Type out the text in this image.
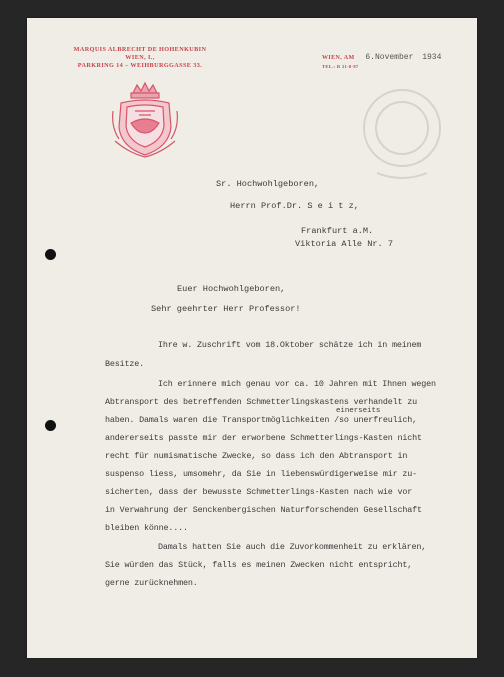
MARQUIS ALBRECHT DE HOHENKUBIN
WIEN, I.,
PARKRING 14 – WEIHBURGGASSE 33.
WIEN, AM 6.November 1934
TEL.: R 21-0-97
Sr. Hochwohlgeboren,
Herrn Prof.Dr. S e i t z,
Frankfurt a.M.
Viktoria Alle Nr. 7
Euer Hochwohlgeboren,
Sehr geehrter Herr Professor!
Ihre w. Zuschrift vom 18.Oktober schätze ich in meinem
Besitze.
Ich erinnere mich genau vor ca. 10 Jahren mit Ihnen wegen
Abtransport des betreffenden Schmetterlingskastens verhandelt zu
einerseits
haben. Damals waren die Transportmöglichkeiten /so unerfreulich,
andererseits passte mir der erworbene Schmetterlings-Kasten nicht
recht für numismatische Zwecke, so dass ich den Abtransport in
suspenso liess, umsomehr, da Sie in liebenswürdigerweise mir zu-
sicherten, dass der bewusste Schmetterlings-Kasten nach wie vor
in Verwahrung der Senckenbergischen Naturforschenden Gesellschaft
bleiben könne....
Damals hatten Sie auch die Zuvorkommenheit zu erklären,
Sie würden das Stück, falls es meinen Zwecken nicht entspricht,
gerne zurücknehmen.
